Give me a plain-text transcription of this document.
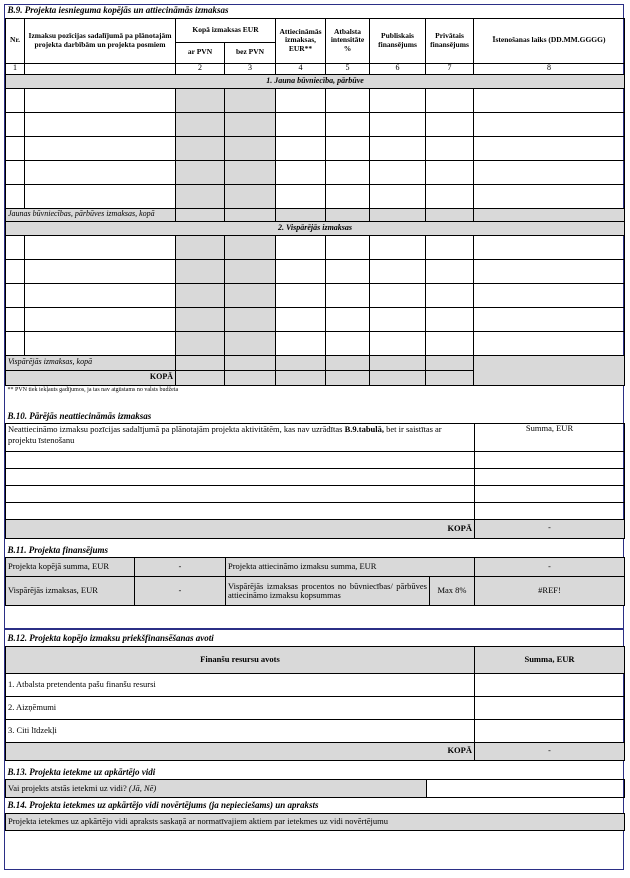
B.9. Projekta iesnieguma kopējās un attiecināmās izmaksas								
Nr.	Izmaksu pozīcijas sadalījumā pa plānotajām projekta darbībām un projekta posmiem	Kopā izmaksas EUR		Attiecināmās izmaksas, EUR**	Atbalsta intensitāte %	Publiskais finansējums	Privātais finansējums	Īstenošanas laiks (DD.MM.GGGG)
		ar PVN	bez PVN					
1		2	3	4	5	6	7	8
1. Jauna būvniecība, pārbūve								

Jaunas būvniecības, pārbūves izmaksas, kopā								
2. Vispārējās izmaksas								

Vispārējās izmaksas, kopā								
KOPĀ								
** PVN tiek iekļauts gadījumos, ja tas nav atgūstams no valsts budžeta								
B.10. Pārējās neattiecināmās izmaksas	
Neattiecināmo izmaksu pozīcijas sadalījumā pa plānotajām projekta aktivitātēm, kas nav uzrādītas B.9.tabulā, bet ir saistītas ar projektu īstenošanu	Summa, EUR

KOPĀ	-
B.11. Projekta finansējums				
Projekta kopējā summa, EUR	-	Projekta attiecināmo izmaksu summa, EUR		-
Vispārējās izmaksas, EUR	-	Vispārējās izmaksas procentos no būvniecības/ pārbūves attiecināmo izmaksu kopsummas	Max 8%	#REF!
B.12. Projekta kopējo izmaksu priekšfinansēšanas avoti	
Finanšu resursu avots	Summa, EUR
1. Atbalsta pretendenta pašu finanšu resursi	
2. Aizņēmumi	
3. Citi līdzekļi	
KOPĀ	-
B.13. Projekta ietekme uz apkārtējo vidi
Vai projekts atstās ietekmi uz vidi? (Jā, Nē)	
B.14. Projekta ietekmes uz apkārtējo vidi novērtējums (ja nepieciešams) un apraksts
Projekta ietekmes uz apkārtējo vidi apraksts saskaņā ar normatīvajiem aktiem par ietekmes uz vidi novērtējumu
